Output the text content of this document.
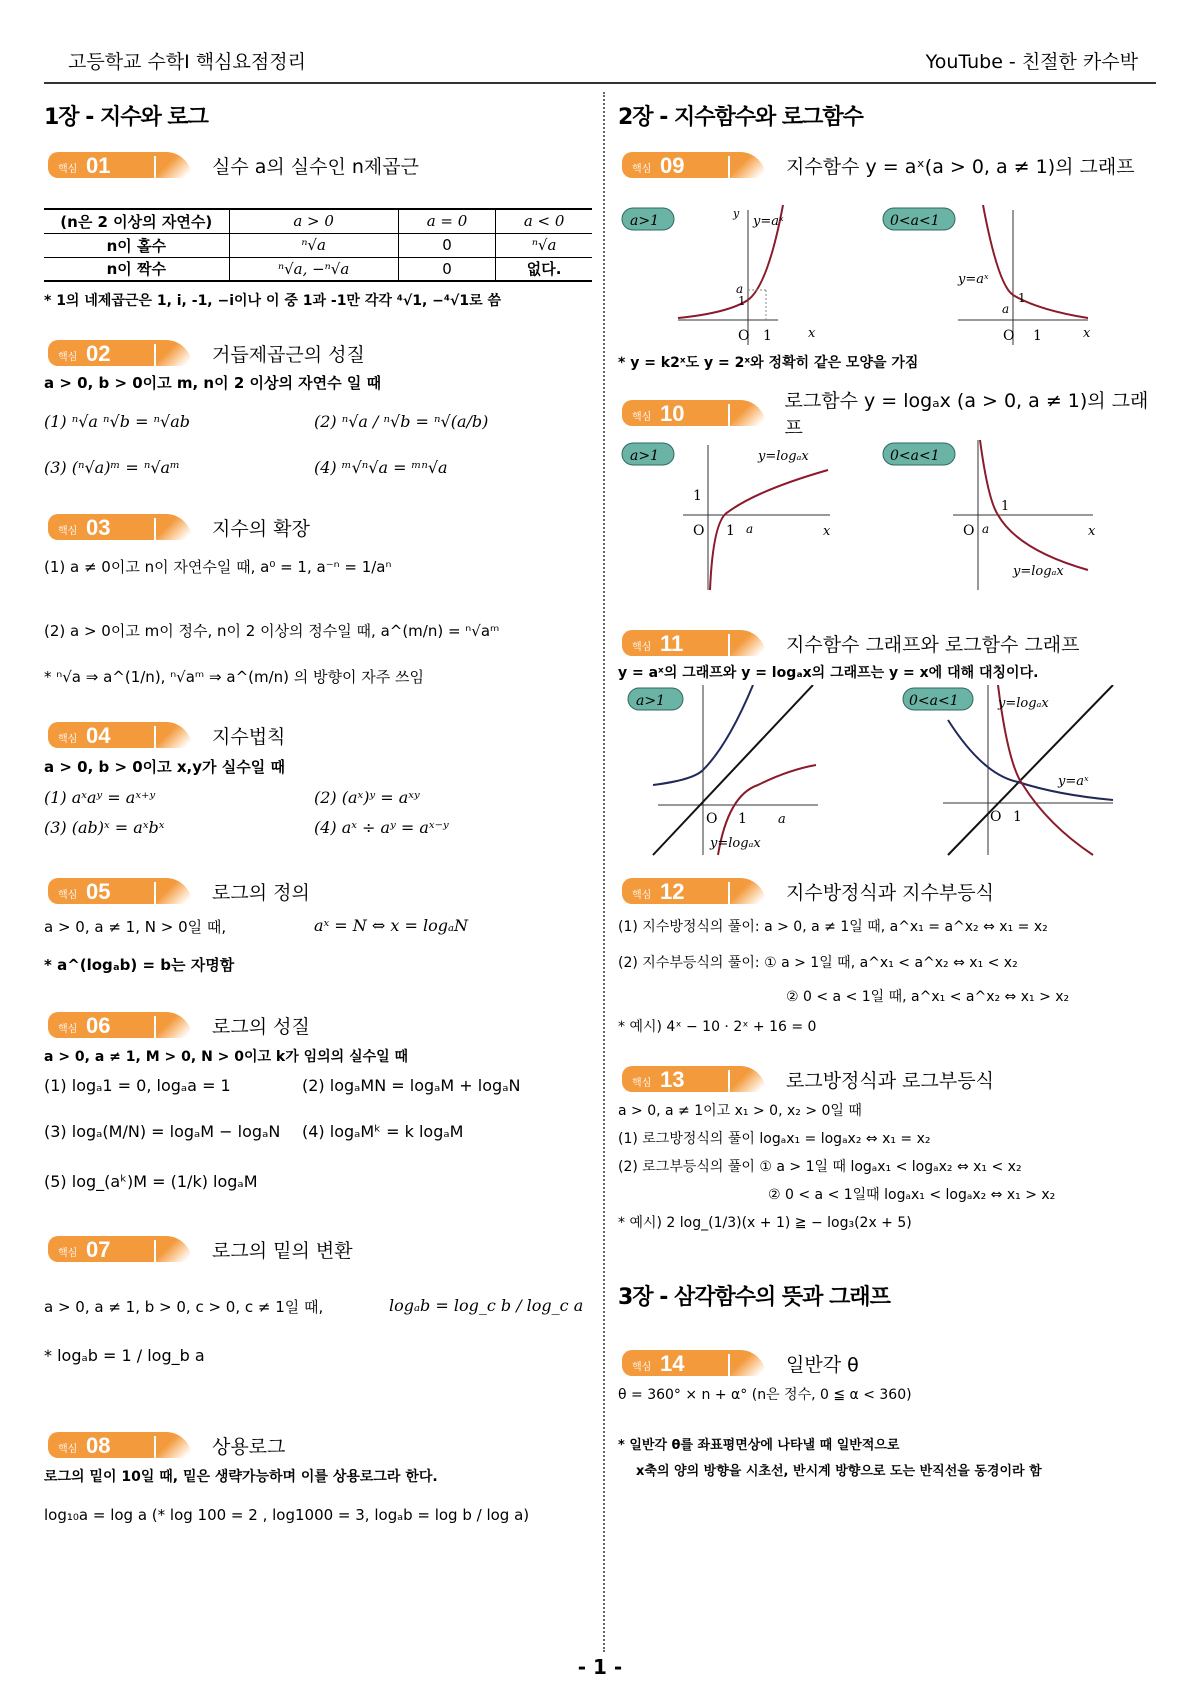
고등학교 수학I 핵심요점정리	YouTube - 친절한 카수박
1장 - 지수와 로그
핵심 01	실수 a의 실수인 n제곱근
(n은 2 이상의 자연수)	a > 0	a = 0	a < 0
n이 홀수	ⁿ√a	0	ⁿ√a
n이 짝수	ⁿ√a, −ⁿ√a	0	없다.
* 1의 네제곱근은 1, i, -1, −i이나 이 중 1과 -1만 각각 ⁴√1, −⁴√1로 씀
핵심 02	거듭제곱근의 성질
a > 0, b > 0이고 m, n이 2 이상의 자연수 일 때
(1) ⁿ√a ⁿ√b = ⁿ√ab	(2) ⁿ√a / ⁿ√b = ⁿ√(a/b)
(3) (ⁿ√a)ᵐ = ⁿ√aᵐ	(4) ᵐ√ⁿ√a = ᵐⁿ√a
핵심 03	지수의 확장
(1) a ≠ 0이고 n이 자연수일 때, a⁰ = 1, a⁻ⁿ = 1/aⁿ
(2) a > 0이고 m이 정수, n이 2 이상의 정수일 때, a^(m/n) = ⁿ√aᵐ
* ⁿ√a ⇒ a^(1/n), ⁿ√aᵐ ⇒ a^(m/n) 의 방향이 자주 쓰임
핵심 04	지수법칙
a > 0, b > 0이고 x,y가 실수일 때
(1) aˣaʸ = aˣ⁺ʸ	(2) (aˣ)ʸ = aˣʸ
(3) (ab)ˣ = aˣbˣ	(4) aˣ ÷ aʸ = aˣ⁻ʸ
핵심 05	로그의 정의
a > 0, a ≠ 1, N > 0일 때,	aˣ = N ⇔ x = logₐN
* a^(logₐb) = b는 자명함
핵심 06	로그의 성질
a > 0, a ≠ 1, M > 0, N > 0이고 k가 임의의 실수일 때
(1) logₐ1 = 0, logₐa = 1	(2) logₐMN = logₐM + logₐN
(3) logₐ(M/N) = logₐM − logₐN (4) logₐMᵏ = k logₐM
(5) log_(aᵏ)M = (1/k) logₐM
핵심 07	로그의 밑의 변환
a > 0, a ≠ 1, b > 0, c > 0, c ≠ 1일 때,	logₐb = log_c b / log_c a
* logₐb = 1 / log_b a
핵심 08	상용로그
로그의 밑이 10일 때, 밑은 생략가능하며 이를 상용로그라 한다.
log₁₀a = log a (* log 100 = 2 , log1000 = 3, logₐb = log b / log a)
2장 - 지수함수와 로그함수
핵심 09	지수함수 y = aˣ(a > 0, a ≠ 1)의 그래프
a>1
O 1
a
1
y=aˣ
y
x
0<a<1
O 1
1
a
y=aˣ
x
* y = k2ˣ도 y = 2ˣ와 정확히 같은 모양을 가짐
핵심 10	로그함수 y = logₐx (a > 0, a ≠ 1)의 그래프
a>1
O 1 a
1
y=logₐx
x
0<a<1
O a
1
y=logₐx
x
핵심 11	지수함수 그래프와 로그함수 그래프
y = aˣ의 그래프와 y = logₐx의 그래프는 y = x에 대해 대칭이다.
a>1
O 1 a
y=logₐx
0<a<1
O 1
y=logₐx
y=aˣ
핵심 12	지수방정식과 지수부등식
(1) 지수방정식의 풀이: a > 0, a ≠ 1일 때, a^x₁ = a^x₂ ⇔ x₁ = x₂
(2) 지수부등식의 풀이: ① a > 1일 때, a^x₁ < a^x₂ ⇔ x₁ < x₂
② 0 < a < 1일 때, a^x₁ < a^x₂ ⇔ x₁ > x₂
* 예시) 4ˣ − 10 · 2ˣ + 16 = 0
핵심 13	로그방정식과 로그부등식
a > 0, a ≠ 1이고 x₁ > 0, x₂ > 0일 때
(1) 로그방정식의 풀이 logₐx₁ = logₐx₂ ⇔ x₁ = x₂
(2) 로그부등식의 풀이 ① a > 1일 때 logₐx₁ < logₐx₂ ⇔ x₁ < x₂
② 0 < a < 1일때 logₐx₁ < logₐx₂ ⇔ x₁ > x₂
* 예시) 2 log_(1/3)(x + 1) ≧ − log₃(2x + 5)
3장 - 삼각함수의 뜻과 그래프
핵심 14	일반각 θ
θ = 360° × n + α° (n은 정수, 0 ≦ α < 360)
* 일반각 θ를 좌표평면상에 나타낼 때 일반적으로
x축의 양의 방향을 시초선, 반시계 방향으로 도는 반직선을 동경이라 함
- 1 -
